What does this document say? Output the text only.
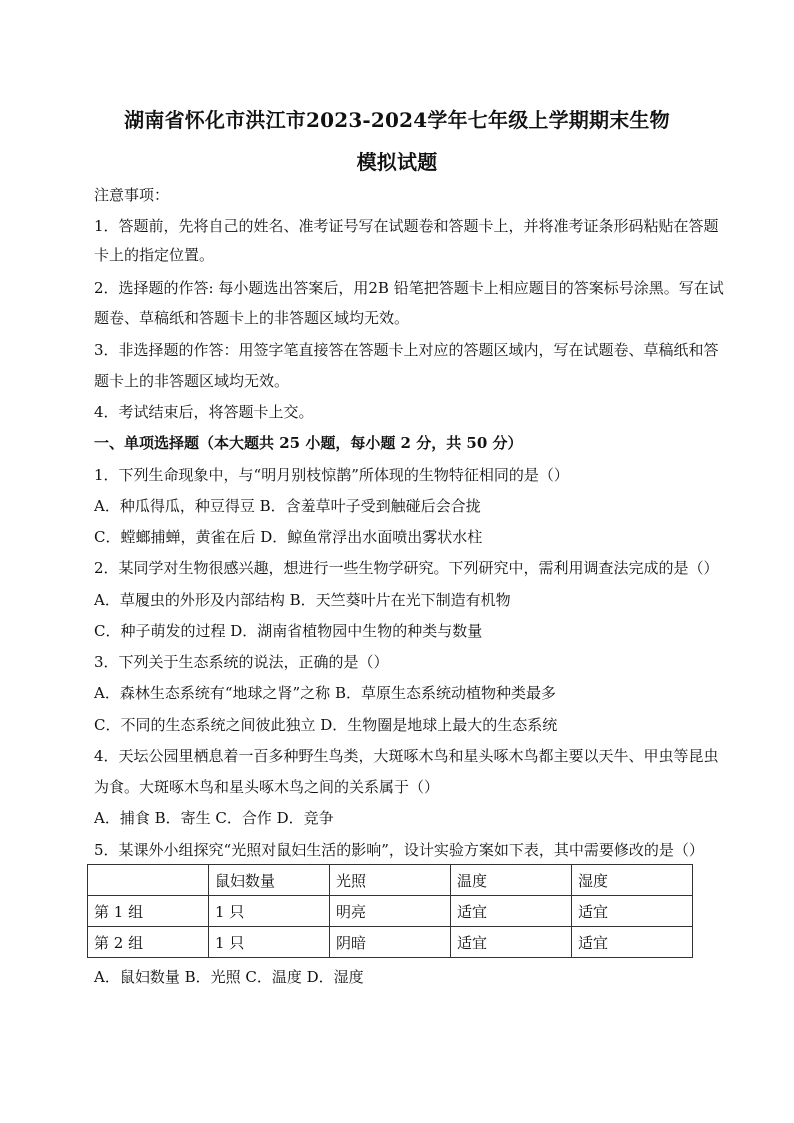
湖南省怀化市洪江市2023-2024学年七年级上学期期末生物
模拟试题
注意事项：
1．答题前，先将自己的姓名、准考证号写在试题卷和答题卡上，并将准考证条形码粘贴在答题
卡上的指定位置。
2．选择题的作答: 每小题选出答案后，用2B 铅笔把答题卡上相应题目的答案标号涂黑。写在试
题卷、草稿纸和答题卡上的非答题区域均无效。
3．非选择题的作答：用签字笔直接答在答题卡上对应的答题区域内，写在试题卷、草稿纸和答
题卡上的非答题区域均无效。
4．考试结束后，将答题卡上交。
一、单项选择题（本大题共 25 小题，每小题 2 分，共 50 分）
1．下列生命现象中，与“明月别枝惊鹊”所体现的生物特征相同的是（）
A．种瓜得瓜，种豆得豆 B．含羞草叶子受到触碰后会合拢
C．螳螂捕蝉，黄雀在后 D．鲸鱼常浮出水面喷出雾状水柱
2．某同学对生物很感兴趣，想进行一些生物学研究。下列研究中，需利用调查法完成的是（）
A．草履虫的外形及内部结构 B．天竺葵叶片在光下制造有机物
C．种子萌发的过程 D．湖南省植物园中生物的种类与数量
3．下列关于生态系统的说法，正确的是（）
A．森林生态系统有“地球之肾”之称 B．草原生态系统动植物种类最多
C．不同的生态系统之间彼此独立 D．生物圈是地球上最大的生态系统
4．天坛公园里栖息着一百多种野生鸟类，大斑啄木鸟和星头啄木鸟都主要以天牛、甲虫等昆虫
为食。大斑啄木鸟和星头啄木鸟之间的关系属于（）
A．捕食 B．寄生 C．合作 D．竞争
5．某课外小组探究“光照对鼠妇生活的影响”，设计实验方案如下表，其中需要修改的是（）
	鼠妇数量	光照	温度	湿度
第 1 组	1 只	明亮	适宜	适宜
第 2 组	1 只	阴暗	适宜	适宜
A．鼠妇数量 B．光照 C．温度 D．湿度
